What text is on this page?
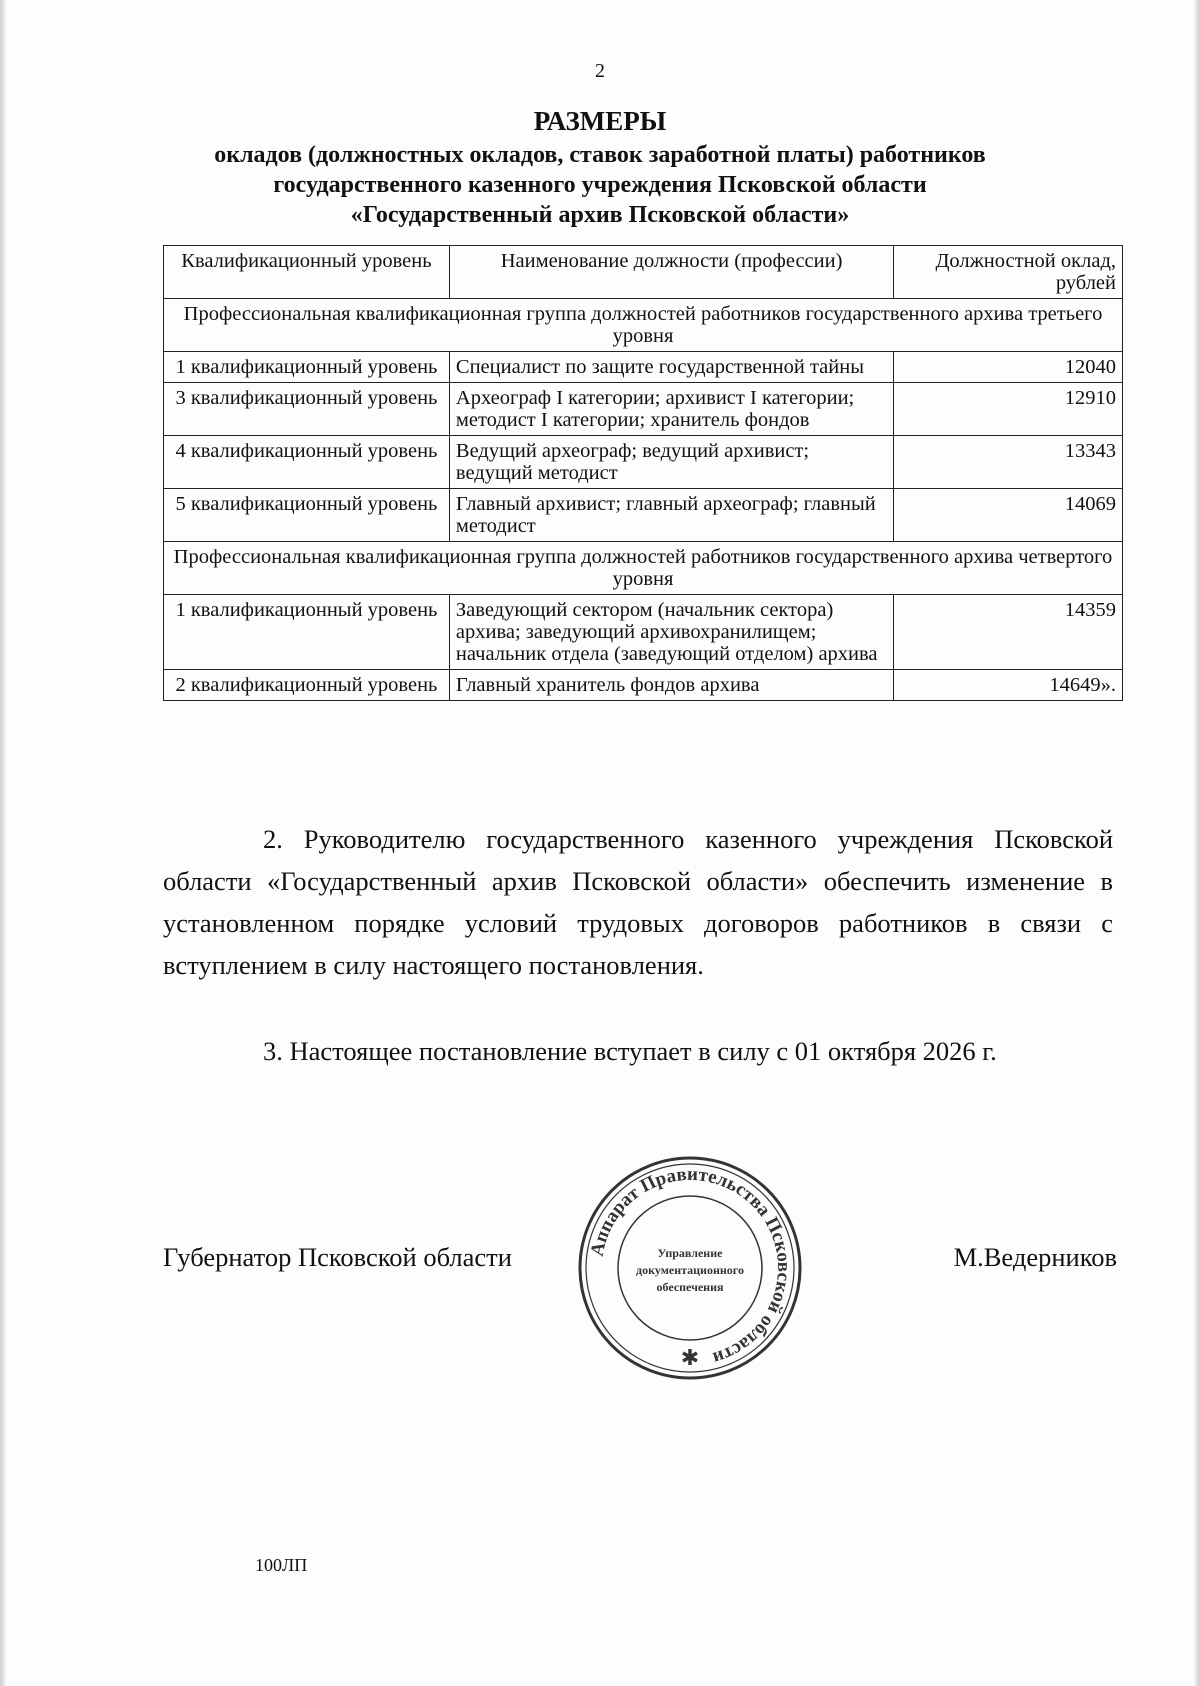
2
РАЗМЕРЫ
окладов (должностных окладов, ставок заработной платы) работников
государственного казенного учреждения Псковской области
«Государственный архив Псковской области»
Квалификационный уровень	Наименование должности (профессии)	Должностной оклад, рублей
Профессиональная квалификационная группа должностей работников государственного архива третьего уровня		
1 квалификационный уровень	Специалист по защите государственной тайны	12040
3 квалификационный уровень	Археограф I категории; архивист I категории; методист I категории; хранитель фондов	12910
4 квалификационный уровень	Ведущий археограф; ведущий архивист; ведущий методист	13343
5 квалификационный уровень	Главный архивист; главный археограф; главный методист	14069
Профессиональная квалификационная группа должностей работников государственного архива четвертого уровня		
1 квалификационный уровень	Заведующий сектором (начальник сектора) архива; заведующий архивохранилищем; начальник отдела (заведующий отделом) архива	14359
2 квалификационный уровень	Главный хранитель фондов архива	14649».
2. Руководителю государственного казенного учреждения Псковской области «Государственный архив Псковской области» обеспечить изменение в установленном порядке условий трудовых договоров работников в связи с вступлением в силу настоящего постановления.
3. Настоящее постановление вступает в силу с 01 октября 2026 г.
Губернатор Псковской области	Аппарат Правительства Псковской области
Управление
документационного
обеспечения
✱
М.Ведерников
100ЛП
